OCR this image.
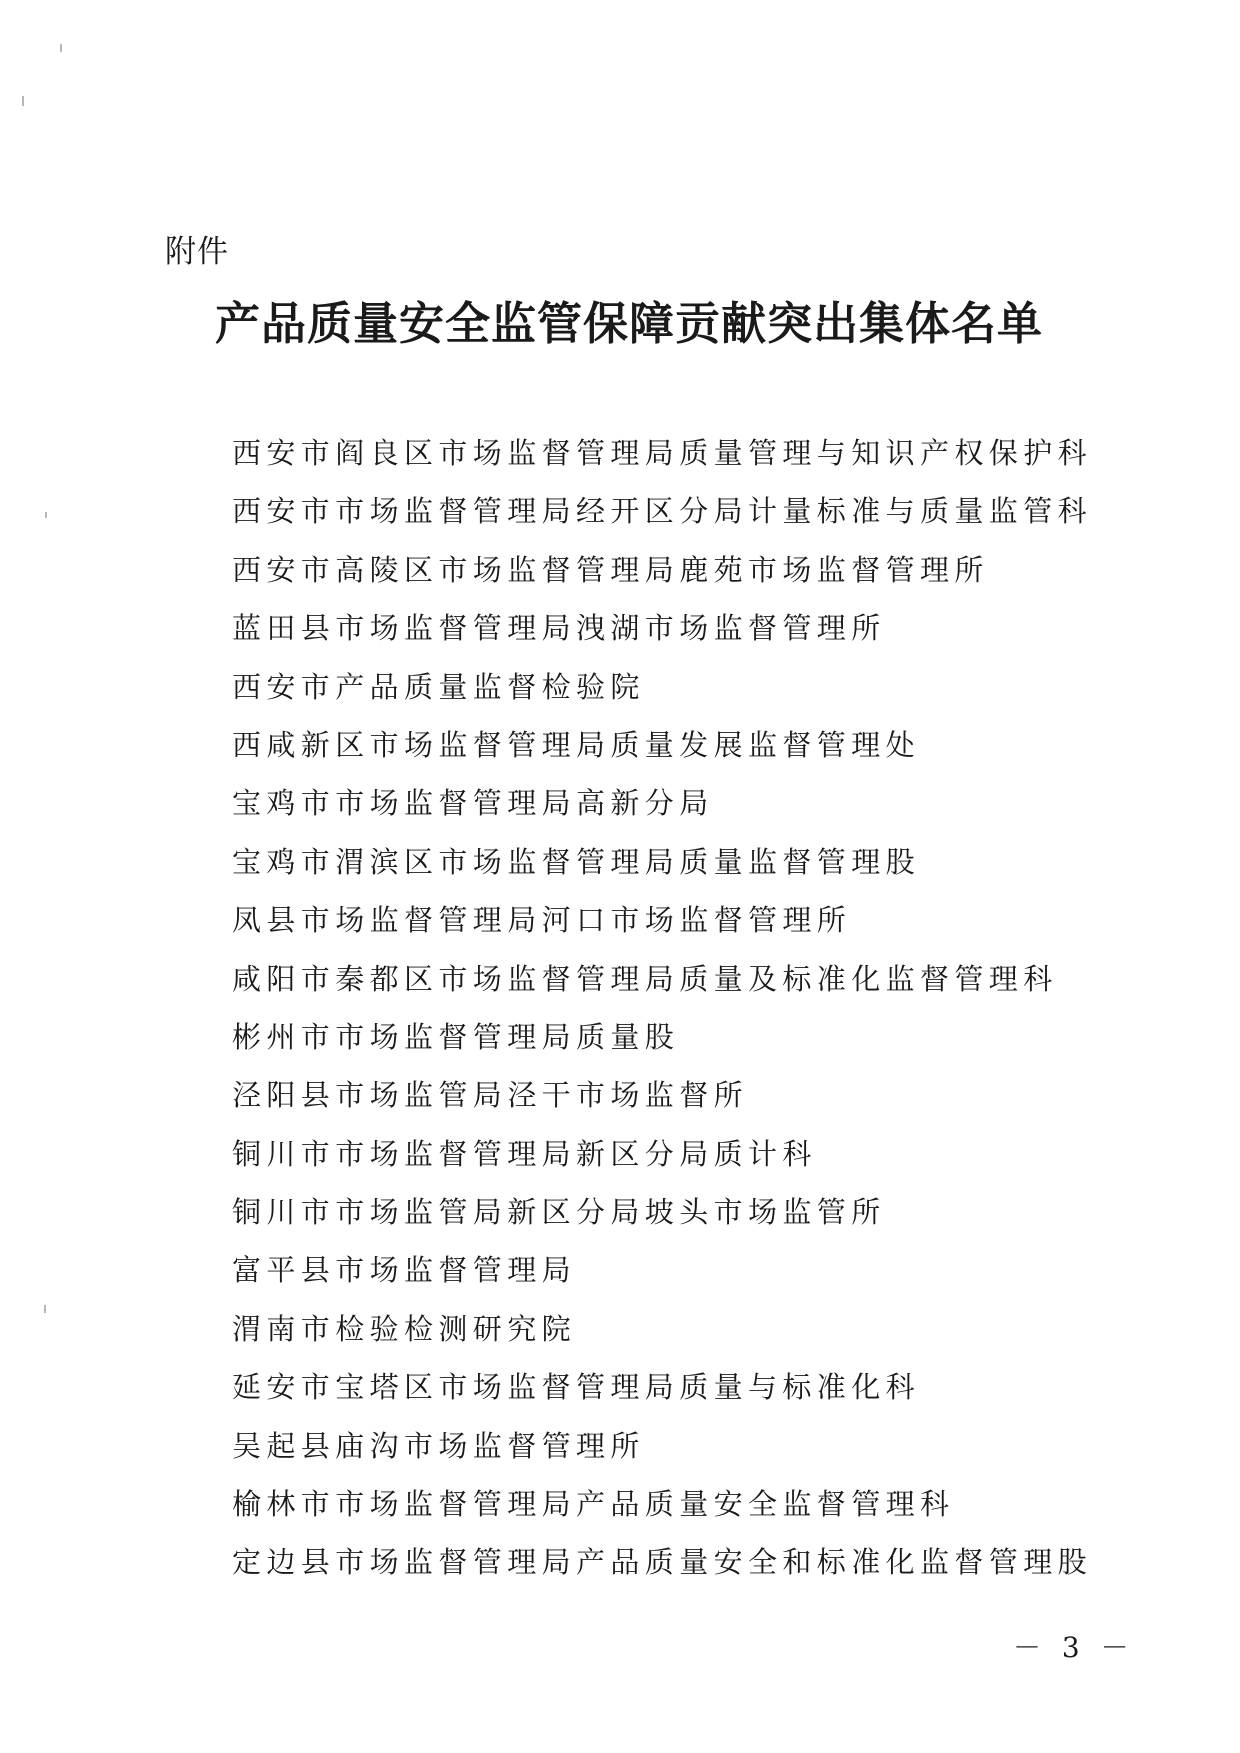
附件
产品质量安全监管保障贡献突出集体名单
西安市阎良区市场监督管理局质量管理与知识产权保护科
西安市市场监督管理局经开区分局计量标准与质量监管科
西安市高陵区市场监督管理局鹿苑市场监督管理所
蓝田县市场监督管理局洩湖市场监督管理所
西安市产品质量监督检验院
西咸新区市场监督管理局质量发展监督管理处
宝鸡市市场监督管理局高新分局
宝鸡市渭滨区市场监督管理局质量监督管理股
凤县市场监督管理局河口市场监督管理所
咸阳市秦都区市场监督管理局质量及标准化监督管理科
彬州市市场监督管理局质量股
泾阳县市场监管局泾干市场监督所
铜川市市场监督管理局新区分局质计科
铜川市市场监管局新区分局坡头市场监管所
富平县市场监督管理局
渭南市检验检测研究院
延安市宝塔区市场监督管理局质量与标准化科
吴起县庙沟市场监督管理所
榆林市市场监督管理局产品质量安全监督管理科
定边县市场监督管理局产品质量安全和标准化监督管理股
－ 3 －
